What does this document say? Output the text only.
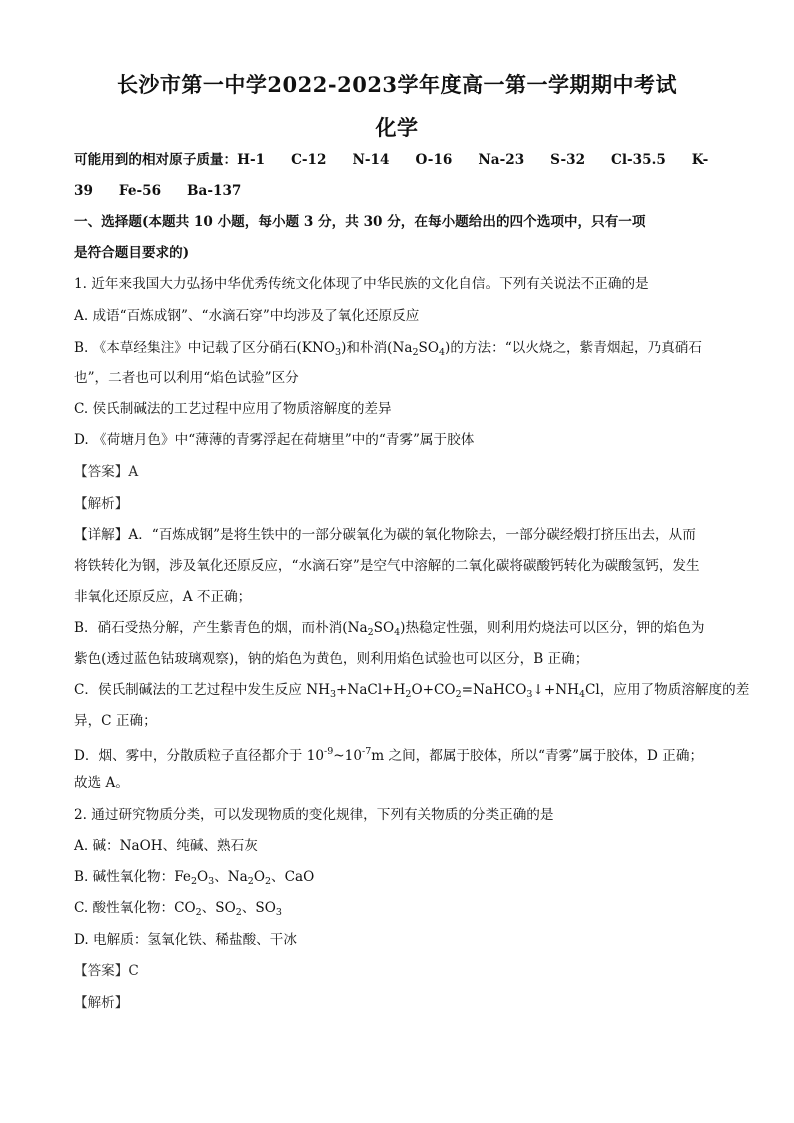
长沙市第一中学2022-2023学年度高一第一学期期中考试
化学
可能用到的相对原子质量：H-1 C-12 N-14 O-16 Na-23 S-32 Cl-35.5 K-
39 Fe-56 Ba-137
一、选择题(本题共 10 小题，每小题 3 分，共 30 分，在每小题给出的四个选项中，只有一项
是符合题目要求的)
1. 近年来我国大力弘扬中华优秀传统文化体现了中华民族的文化自信。下列有关说法不正确的是
A. 成语“百炼成钢”、“水滴石穿”中均涉及了氧化还原反应
B. 《本草经集注》中记载了区分硝石$(KNO_3)$和朴消$(Na_2SO_4)$的方法：“以火烧之，紫青烟起，乃真硝石
也”，二者也可以利用“焰色试验”区分
C. 侯氏制碱法的工艺过程中应用了物质溶解度的差异
D. 《荷塘月色》中“薄薄的青雾浮起在荷塘里”中的“青雾”属于胶体
【答案】A
【解析】
【详解】A．“百炼成钢”是将生铁中的一部分碳氧化为碳的氧化物除去，一部分碳经煅打挤压出去，从而
将铁转化为钢，涉及氧化还原反应，“水滴石穿”是空气中溶解的二氧化碳将碳酸钙转化为碳酸氢钙，发生
非氧化还原反应，A 不正确；
B．硝石受热分解，产生紫青色的烟，而朴消$(Na_2SO_4)$热稳定性强，则利用灼烧法可以区分，钾的焰色为
紫色(透过蓝色钴玻璃观察)，钠的焰色为黄色，则利用焰色试验也可以区分，B 正确；
C．侯氏制碱法的工艺过程中发生反应 $NH_3+NaCl+H_2O+CO_2=NaHCO_3↓+NH_4Cl$，应用了物质溶解度的差
异，C 正确；
D．烟、雾中，分散质粒子直径都介于 $10^{-9}\sim 10^{-7}m$ 之间，都属于胶体，所以“青雾”属于胶体，D 正确；
故选 A。
2. 通过研究物质分类，可以发现物质的变化规律，下列有关物质的分类正确的是
A. 碱：NaOH、纯碱、熟石灰
B. 碱性氧化物：$Fe_2O_3$、$Na_2O_2$、CaO
C. 酸性氧化物：$CO_2$、$SO_2$、$SO_3$
D. 电解质：氢氧化铁、稀盐酸、干冰
【答案】C
【解析】
